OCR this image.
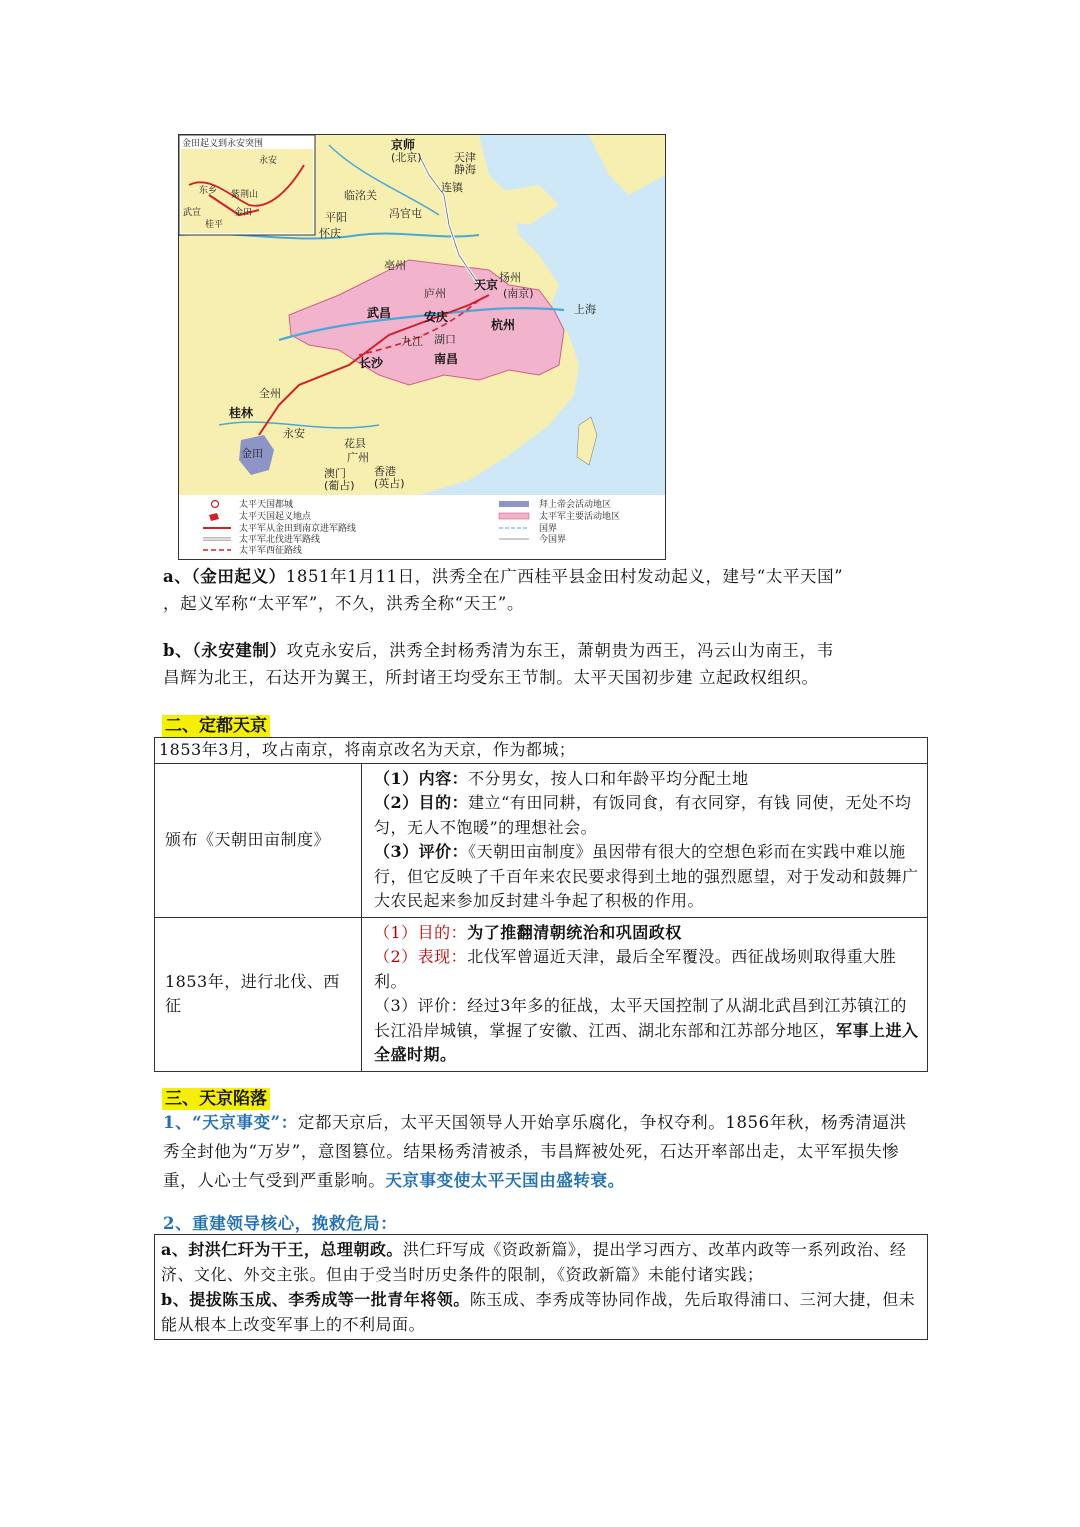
金田起义到永安突围
永安
东乡 紫荆山
金田
武宣
桂平
京师
(北京)	天津
静海
临洺关
连镇
冯官屯
平阳
怀庆
亳州
扬州
天京
(南京)
上海
庐州
武昌	安庆
杭州
九江 湖口
南昌
长沙
全州
桂林
永安
金田
花县
广州
澳门
(葡占)
香港
(英占)
太平天国都城
太平天国起义地点
太平军从金田到南京进军路线
太平军北伐进军路线
太平军西征路线
拜上帝会活动地区
太平军主要活动地区
国界
今国界
a、（金田起义）1851年1月11日，洪秀全在广西桂平县金田村发动起义，建号“太平天国”
，起义军称“太平军”，不久，洪秀全称“天王”。
b、（永安建制）攻克永安后，洪秀全封杨秀清为东王，萧朝贵为西王，冯云山为南王，韦
昌辉为北王，石达开为翼王，所封诸王均受东王节制。太平天国初步建 立起政权组织。
二、定都天京
1853年3月，攻占南京，将南京改名为天京，作为都城；	
颁布《天朝田亩制度》	（1）内容：不分男女，按人口和年龄平均分配土地
（2）目的：建立“有田同耕，有饭同食，有衣同穿，有钱 同使，无处不均匀，无人不饱暖”的理想社会。
（3）评价：《天朝田亩制度》虽因带有很大的空想色彩而在实践中难以施行，但它反映了千百年来农民要求得到土地的强烈愿望，对于发动和鼓舞广大农民起来参加反封建斗争起了积极的作用。

1853年，进行北伐、西征	（1）目的：为了推翻清朝统治和巩固政权
（2）表现：北伐军曾逼近天津，最后全军覆没。西征战场则取得重大胜利。
（3）评价：经过3年多的征战，太平天国控制了从湖北武昌到江苏镇江的长江沿岸城镇，掌握了安徽、江西、湖北东部和江苏部分地区，军事上进入全盛时期。
三、天京陷落
1、“天京事变”：定都天京后，太平天国领导人开始享乐腐化，争权夺利。1856年秋，杨秀清逼洪秀全封他为“万岁”，意图篡位。结果杨秀清被杀，韦昌辉被处死，石达开率部出走，太平军损失惨重，人心士气受到严重影响。天京事变使太平天国由盛转衰。
2、重建领导核心，挽救危局：
a、封洪仁玕为干王，总理朝政。洪仁玕写成《资政新篇》，提出学习西方、改革内政等一系列政治、经济、文化、外交主张。但由于受当时历史条件的限制，《资政新篇》未能付诸实践；
b、提拔陈玉成、李秀成等一批青年将领。陈玉成、李秀成等协同作战，先后取得浦口、三河大捷，但未能从根本上改变军事上的不利局面。
